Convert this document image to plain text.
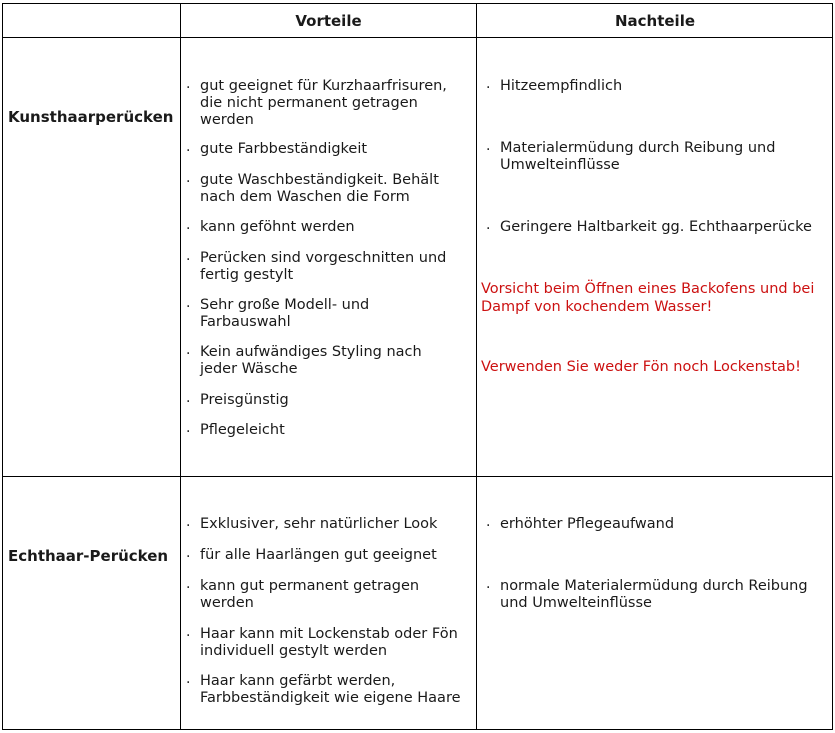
Vorteile	Nachteile
Kunsthaarperücken
· gut geeignet für Kurzhaarfrisuren, die nicht permanent getragen werden
· gute Farbbeständigkeit
· gute Waschbeständigkeit. Behält nach dem Waschen die Form
· kann geföhnt werden
· Perücken sind vorgeschnitten und fertig gestylt
· Sehr große Modell- und Farbauswahl
· Kein aufwändiges Styling nach jeder Wäsche
· Preisgünstig
· Pflegeleicht
· Hitzeempfindlich
· Materialermüdung durch Reibung und Umwelteinflüsse
· Geringere Haltbarkeit gg. Echthaarperücke
Vorsicht beim Öffnen eines Backofens und bei Dampf von kochendem Wasser!
Verwenden Sie weder Fön noch Lockenstab!
Echthaar-Perücken
· Exklusiver, sehr natürlicher Look
· für alle Haarlängen gut geeignet
· kann gut permanent getragen werden
· Haar kann mit Lockenstab oder Fön individuell gestylt werden
· Haar kann gefärbt werden, Farbbeständigkeit wie eigene Haare
· erhöhter Pflegeaufwand
· normale Materialermüdung durch Reibung und Umwelteinflüsse
